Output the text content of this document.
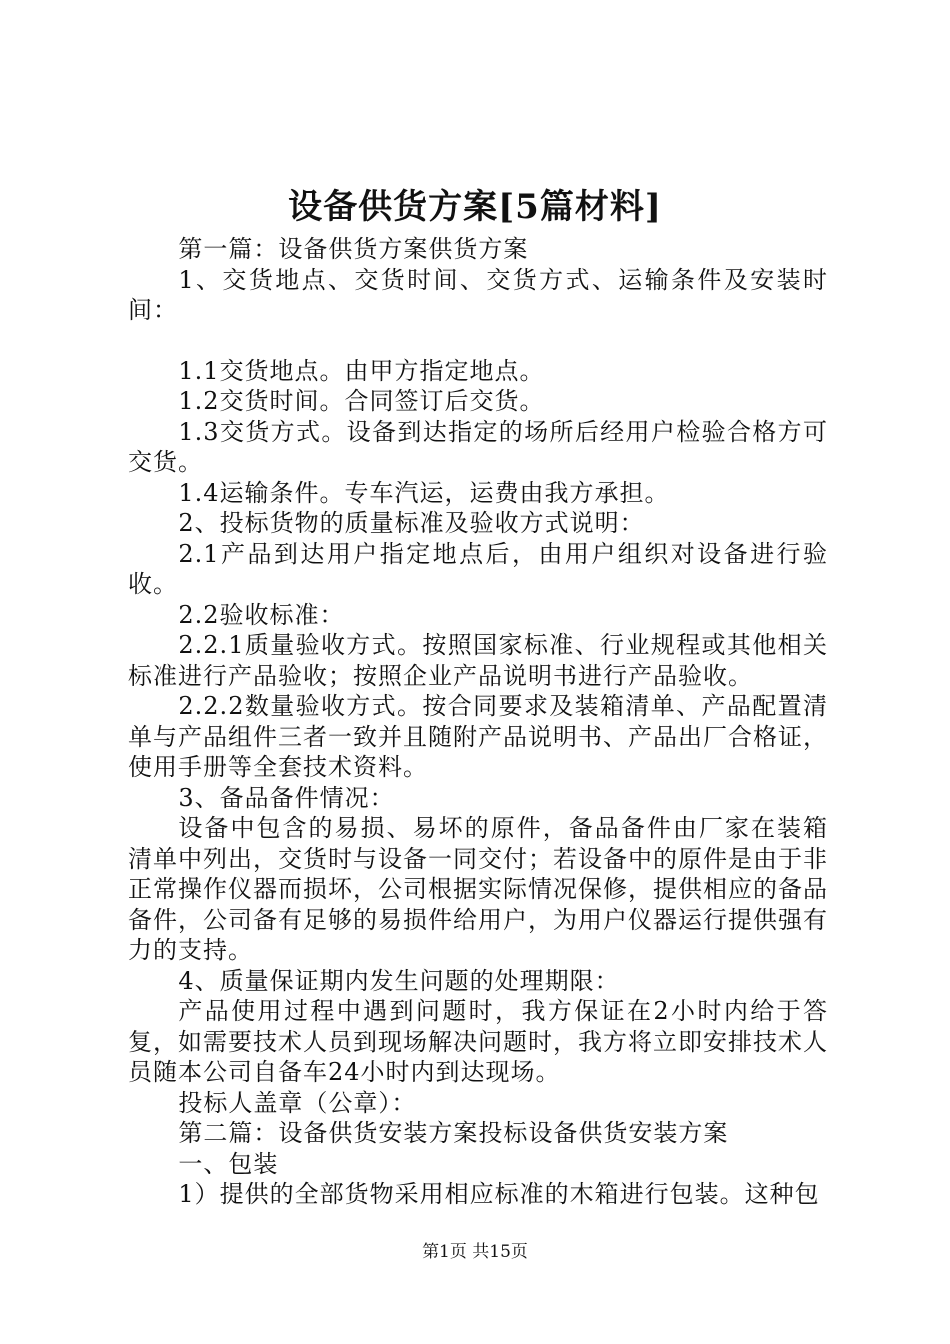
设备供货方案[5篇材料]

第一篇：设备供货方案供货方案

1、交货地点、交货时间、交货方式、运输条件及安装时间：

1.1交货地点。由甲方指定地点。

1.2交货时间。合同签订后交货。

1.3交货方式。设备到达指定的场所后经用户检验合格方可交货。

1.4运输条件。专车汽运，运费由我方承担。

2、投标货物的质量标准及验收方式说明：

2.1产品到达用户指定地点后，由用户组织对设备进行验收。

2.2验收标准：

2.2.1质量验收方式。按照国家标准、行业规程或其他相关标准进行产品验收；按照企业产品说明书进行产品验收。

2.2.2数量验收方式。按合同要求及装箱清单、产品配置清单与产品组件三者一致并且随附产品说明书、产品出厂合格证，使用手册等全套技术资料。

3、备品备件情况：

设备中包含的易损、易坏的原件，备品备件由厂家在装箱清单中列出，交货时与设备一同交付；若设备中的原件是由于非正常操作仪器而损坏，公司根据实际情况保修，提供相应的备品备件，公司备有足够的易损件给用户，为用户仪器运行提供强有力的支持。

4、质量保证期内发生问题的处理期限：

产品使用过程中遇到问题时，我方保证在2小时内给于答复，如需要技术人员到现场解决问题时，我方将立即安排技术人员随本公司自备车24小时内到达现场。

投标人盖章（公章）：

第二篇：设备供货安装方案投标设备供货安装方案

一、包装

1）提供的全部货物采用相应标准的木箱进行包装。这种包

第1页 共15页
